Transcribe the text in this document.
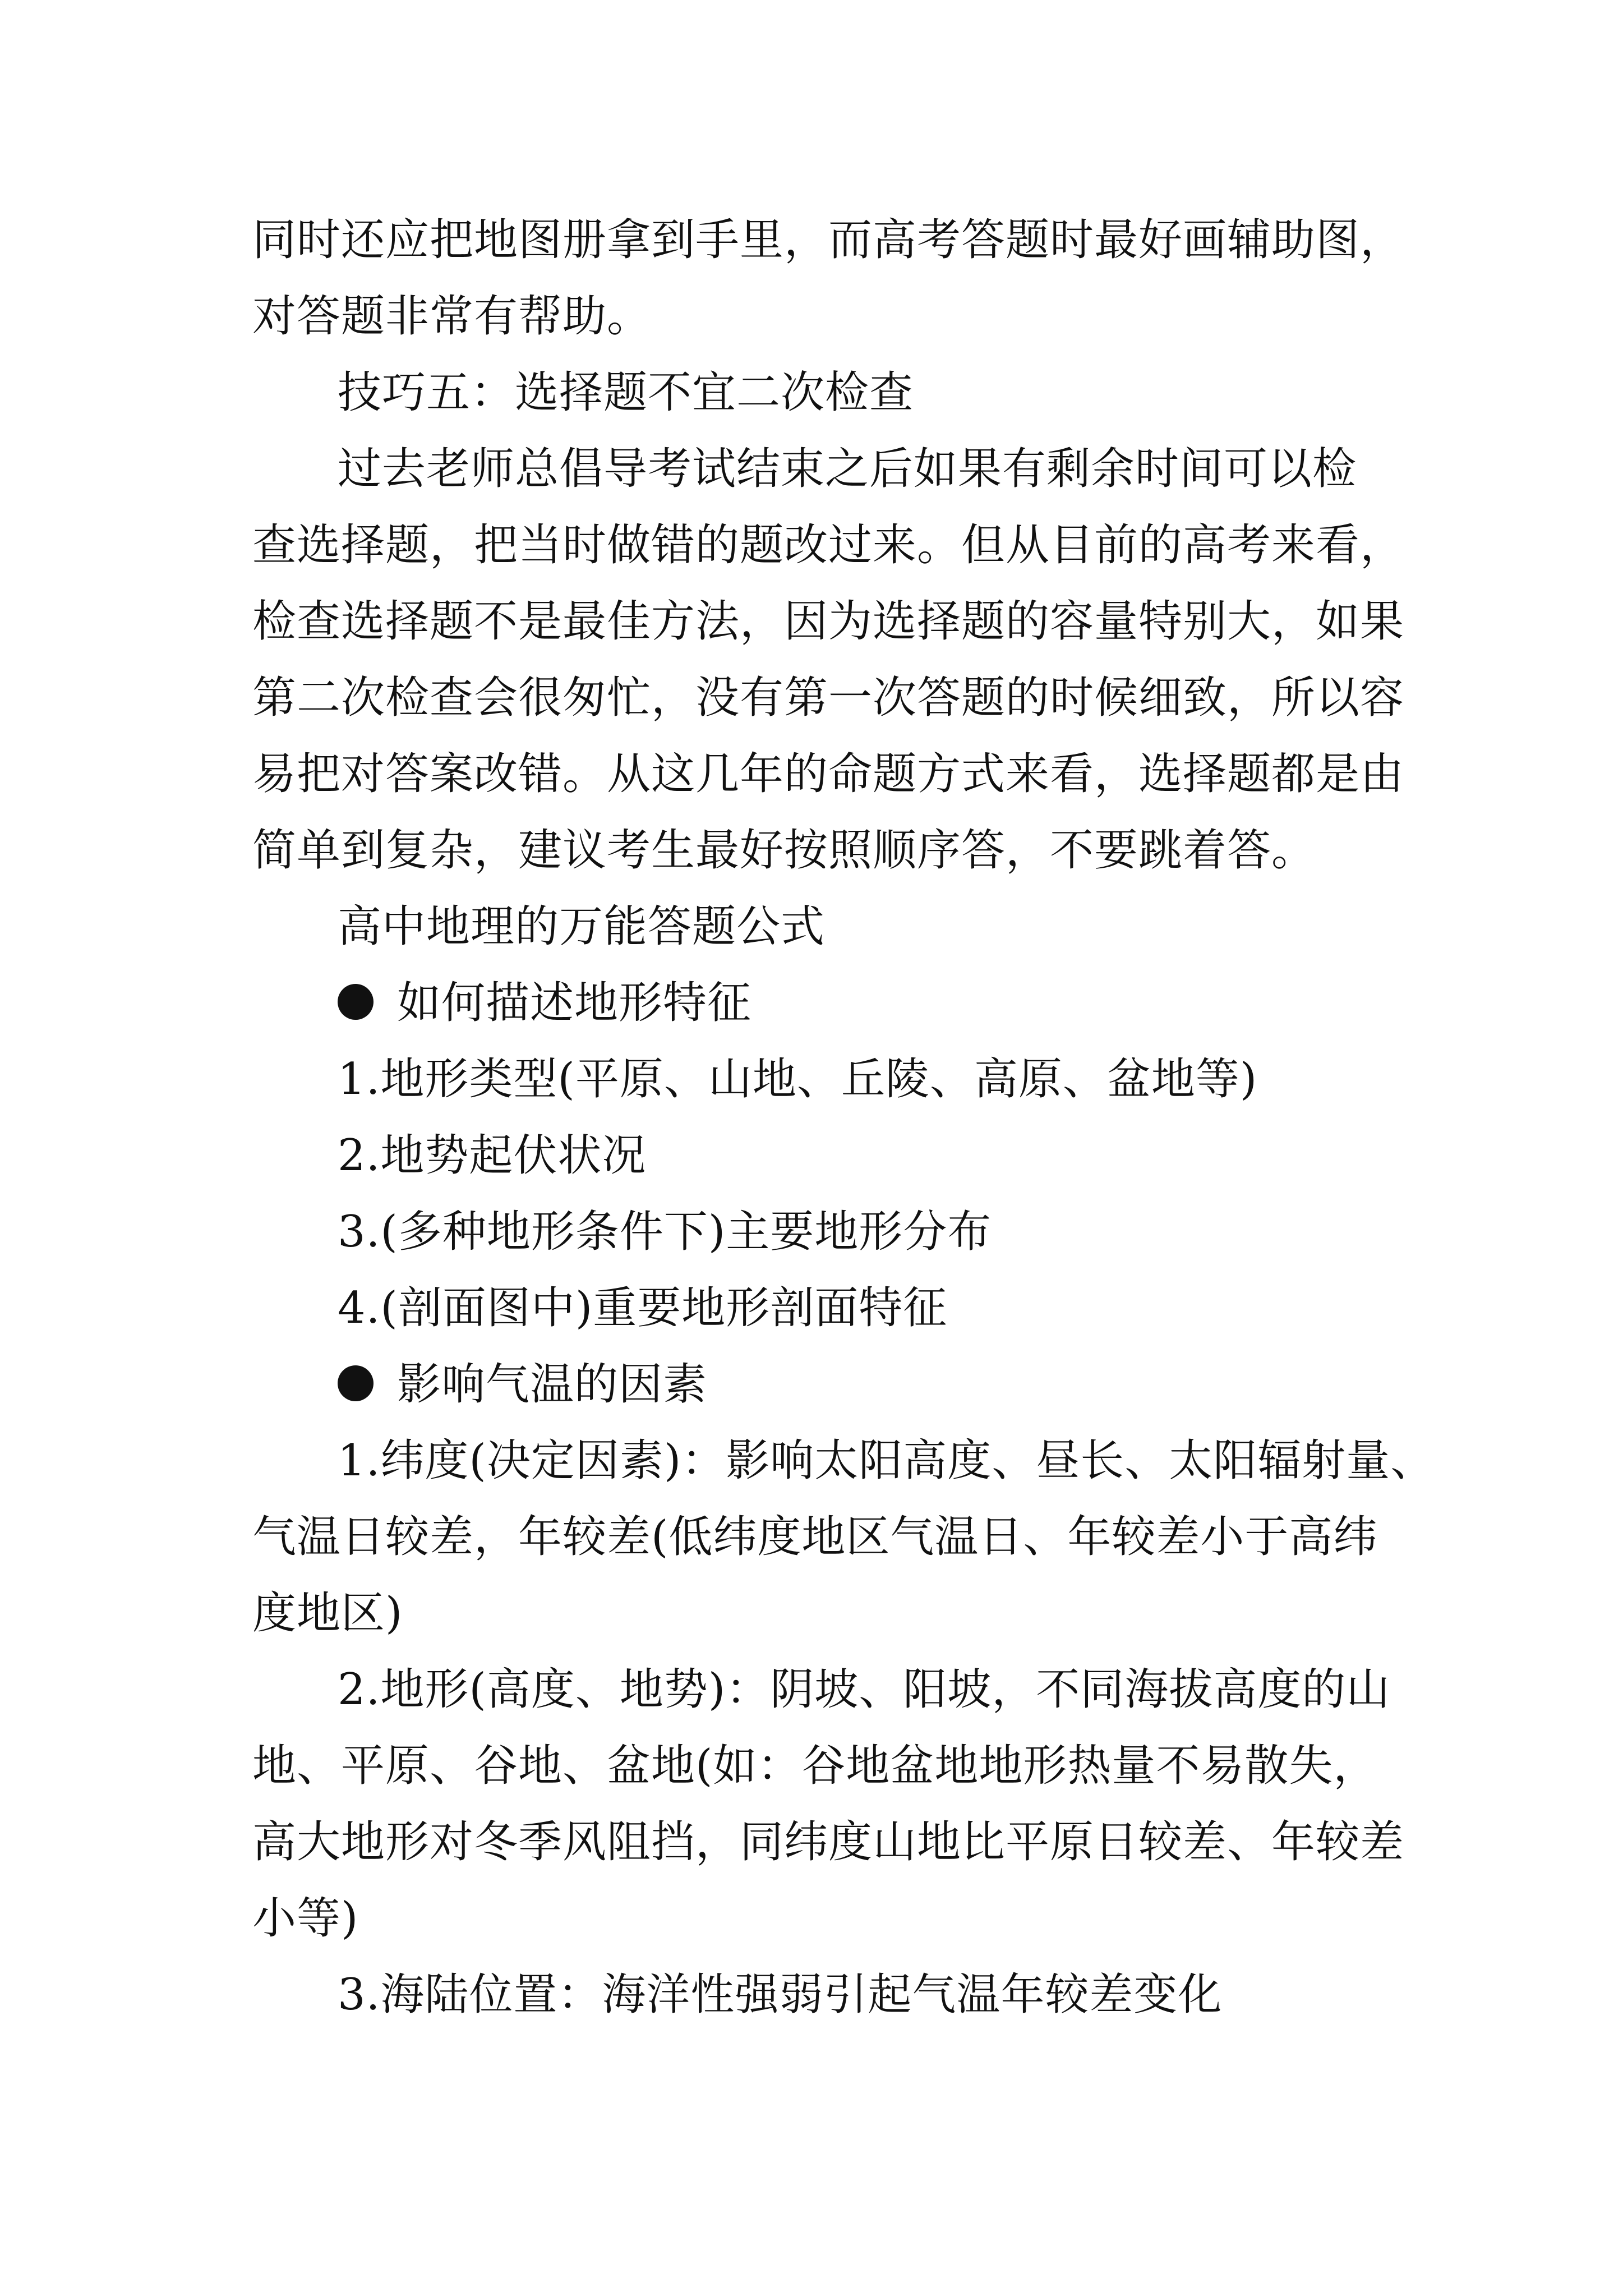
同时还应把地图册拿到手里，而高考答题时最好画辅助图，
对答题非常有帮助。
技巧五：选择题不宜二次检查
过去老师总倡导考试结束之后如果有剩余时间可以检
查选择题，把当时做错的题改过来。但从目前的高考来看，
检查选择题不是最佳方法，因为选择题的容量特别大，如果
第二次检查会很匆忙，没有第一次答题的时候细致，所以容
易把对答案改错。从这几年的命题方式来看，选择题都是由
简单到复杂，建议考生最好按照顺序答，不要跳着答。
高中地理的万能答题公式
如何描述地形特征
1.地形类型(平原、山地、丘陵、高原、盆地等)
2.地势起伏状况
3.(多种地形条件下)主要地形分布
4.(剖面图中)重要地形剖面特征
影响气温的因素
1.纬度(决定因素)：影响太阳高度、昼长、太阳辐射量、
气温日较差，年较差(低纬度地区气温日、年较差小于高纬
度地区)
2.地形(高度、地势)：阴坡、阳坡，不同海拔高度的山
地、平原、谷地、盆地(如：谷地盆地地形热量不易散失，
高大地形对冬季风阻挡，同纬度山地比平原日较差、年较差
小等)
3.海陆位置：海洋性强弱引起气温年较差变化
